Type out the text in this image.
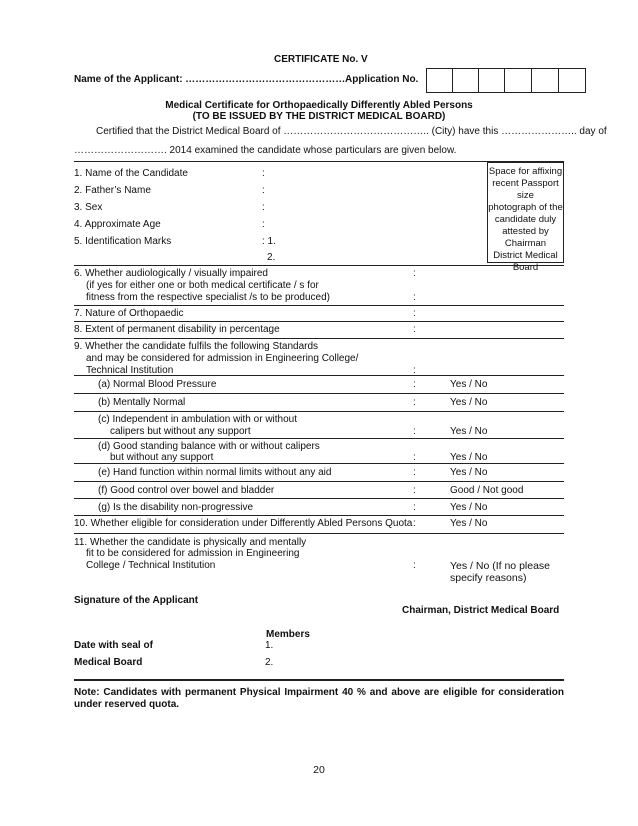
CERTIFICATE No. V
Name of the Applicant: ………………………………………… Application No.
Medical Certificate for Orthopaedically Differently Abled Persons
(TO BE ISSUED BY THE DISTRICT MEDICAL BOARD)
Certified that the District Medical Board of …………………………………….. (City) have this ………………….. day of
………………………. 2014 examined the candidate whose particulars are given below.
Space for affixing
recent Passport size
photograph of the
candidate duly
attested by
Chairman
District Medical
Board
1. Name of the Candidate	:
2. Father’s Name	:
3. Sex	:
4. Approximate Age	:
5. Identification Marks	: 1.
2.
6. Whether audiologically / visually impaired	:
(if yes for either one or both medical certificate / s for
fitness from the respective specialist /s to be produced)	:
7. Nature of Orthopaedic	:
8. Extent of permanent disability in percentage	:
9. Whether the candidate fulfils the following Standards
and may be considered for admission in Engineering College/
Technical Institution	:
(a) Normal Blood Pressure	:	Yes / No
(b) Mentally Normal	:	Yes / No
(c) Independent in ambulation with or without
calipers but without any support	:	Yes / No
(d) Good standing balance with or without calipers
but without any support	:	Yes / No
(e) Hand function within normal limits without any aid	:	Yes / No
(f) Good control over bowel and bladder	:	Good / Not good
(g) Is the disability non-progressive	:	Yes / No
10. Whether eligible for consideration under Differently Abled Persons Quota :	Yes / No
11. Whether the candidate is physically and mentally
fit to be considered for admission in Engineering
College / Technical Institution	:	Yes / No (If no please
specify reasons)
Signature of the Applicant
Chairman, District Medical Board
Members
Date with seal of	1.
Medical Board	2.
Note: Candidates with permanent Physical Impairment 40 % and above are eligible for consideration
under reserved quota.
20
